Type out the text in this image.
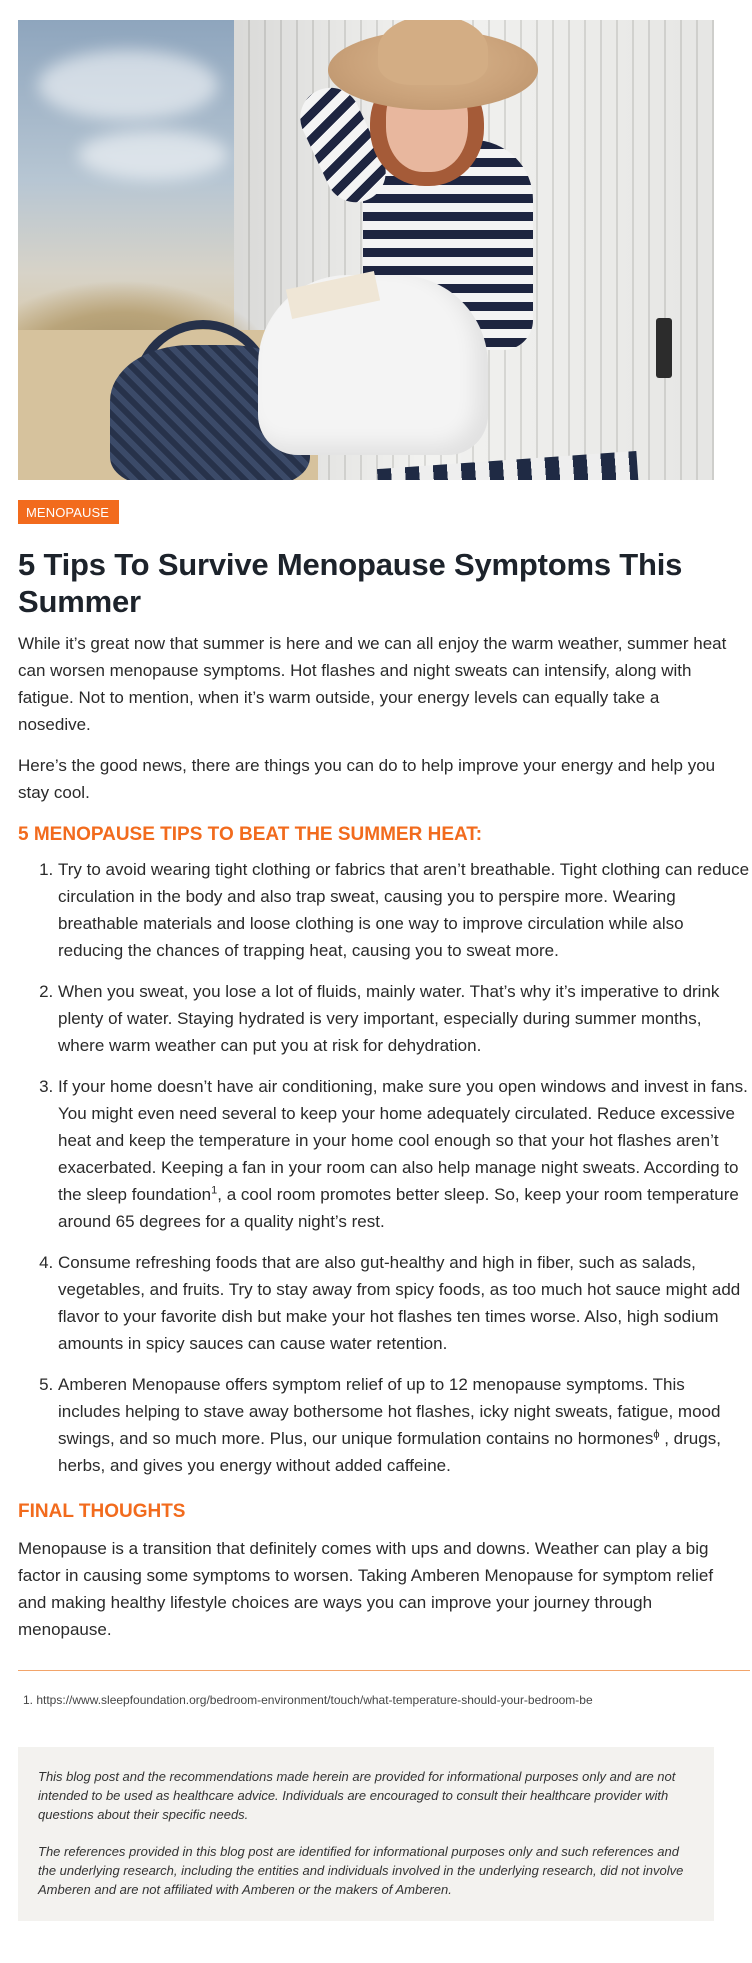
MENOPAUSE
5 Tips To Survive Menopause Symptoms This Summer

While it’s great now that summer is here and we can all enjoy the warm weather, summer heat can worsen menopause symptoms. Hot flashes and night sweats can intensify, along with fatigue. Not to mention, when it’s warm outside, your energy levels can equally take a nosedive.

Here’s the good news, there are things you can do to help improve your energy and help you stay cool.

5 MENOPAUSE TIPS TO BEAT THE SUMMER HEAT:
1. Try to avoid wearing tight clothing or fabrics that aren’t breathable. Tight clothing can reduce circulation in the body and also trap sweat, causing you to perspire more. Wearing breathable materials and loose clothing is one way to improve circulation while also reducing the chances of trapping heat, causing you to sweat more.
2. When you sweat, you lose a lot of fluids, mainly water. That’s why it’s imperative to drink plenty of water. Staying hydrated is very important, especially during summer months, where warm weather can put you at risk for dehydration.
3. If your home doesn’t have air conditioning, make sure you open windows and invest in fans. You might even need several to keep your home adequately circulated. Reduce excessive heat and keep the temperature in your home cool enough so that your hot flashes aren’t exacerbated. Keeping a fan in your room can also help manage night sweats. According to the sleep foundation$^1$, a cool room promotes better sleep. So, keep your room temperature around 65 degrees for a quality night’s rest.
4. Consume refreshing foods that are also gut-healthy and high in fiber, such as salads, vegetables, and fruits. Try to stay away from spicy foods, as too much hot sauce might add flavor to your favorite dish but make your hot flashes ten times worse. Also, high sodium amounts in spicy sauces can cause water retention.
5. Amberen Menopause offers symptom relief of up to 12 menopause symptoms. This includes helping to stave away bothersome hot flashes, icky night sweats, fatigue, mood swings, and so much more. Plus, our unique formulation contains no hormones$^\phi$ , drugs, herbs, and gives you energy without added caffeine.
FINAL THOUGHTS

Menopause is a transition that definitely comes with ups and downs. Weather can play a big factor in causing some symptoms to worsen. Taking Amberen Menopause for symptom relief and making healthy lifestyle choices are ways you can improve your journey through menopause.

1. https://www.sleepfoundation.org/bedroom-environment/touch/what-temperature-should-your-bedroom-be

This blog post and the recommendations made herein are provided for informational purposes only and are not intended to be used as healthcare advice. Individuals are encouraged to consult their healthcare provider with questions about their specific needs.

The references provided in this blog post are identified for informational purposes only and such references and the underlying research, including the entities and individuals involved in the underlying research, did not involve Amberen and are not affiliated with Amberen or the makers of Amberen.
